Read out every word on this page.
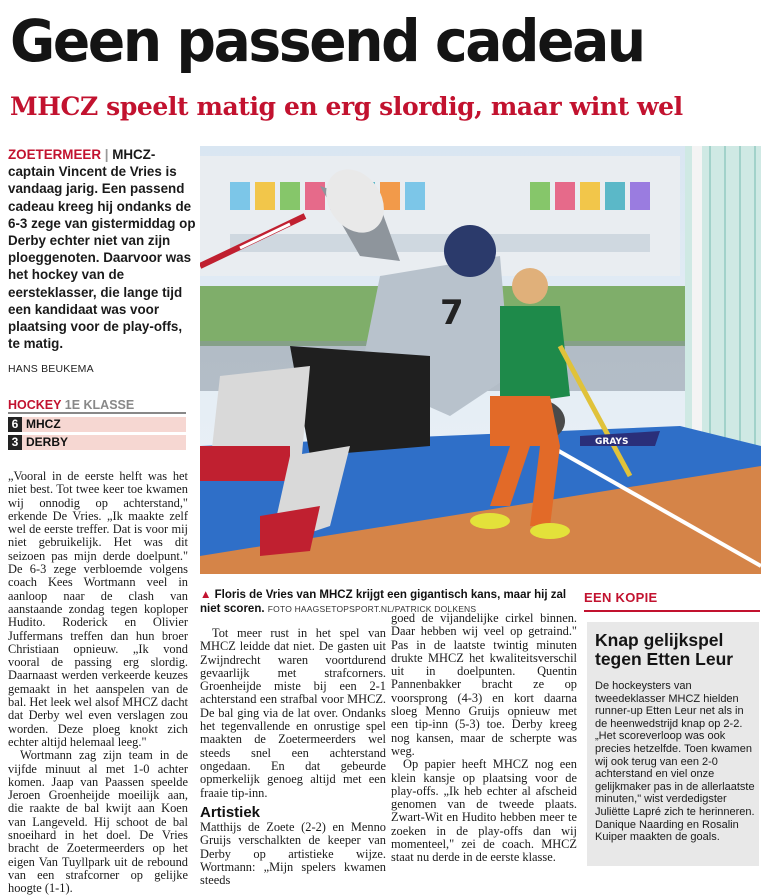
Geen passend cadeau
MHCZ speelt matig en erg slordig, maar wint wel
ZOETERMEER | MHCZ-captain Vincent de Vries is vandaag jarig. Een passend cadeau kreeg hij ondanks de 6-3 zege van gistermiddag op Derby echter niet van zijn ploeggenoten. Daarvoor was het hockey van de eersteklasser, die lange tijd een kandidaat was voor plaatsing voor de play-offs, te matig.
HANS BEUKEMA
HOCKEY 1E KLASSE
6 MHCZ
3 DERBY

„Vooral in de eerste helft was het niet best. Tot twee keer toe kwamen wij onnodig op achterstand," erkende De Vries. „Ik maakte zelf wel de eerste treffer. Dat is voor mij niet gebruikelijk. Het was dit seizoen pas mijn derde doelpunt." De 6-3 zege verbloemde volgens coach Kees Wortmann veel in aanloop naar de clash van aanstaande zondag tegen koploper Hudito. Roderick en Olivier Juffermans treffen dan hun broer Christiaan opnieuw. „Ik vond vooral de passing erg slordig. Daarnaast werden verkeerde keuzes gemaakt in het aanspelen van de bal. Het leek wel alsof MHCZ dacht dat Derby wel even verslagen zou worden. Deze ploeg knokt zich echter altijd helemaal leeg."

Wortmann zag zijn team in de vijfde minuut al met 1-0 achter komen. Jaap van Paassen speelde Jeroen Groenheijde moeilijk aan, die raakte de bal kwijt aan Koen van Langeveld. Hij schoot de bal snoeihard in het doel. De Vries bracht de Zoetermeerders op het eigen Van Tuyllpark uit de rebound van een strafcorner op gelijke hoogte (1-1).

7
GRAYS
▲ Floris de Vries van MHCZ krijgt een gigantisch kans, maar hij zal niet scoren. FOTO HAAGSETOPSPORT.NL/PATRICK DOLKENS

Tot meer rust in het spel van MHCZ leidde dat niet. De gasten uit Zwijndrecht waren voortdurend gevaarlijk met strafcorners. Groenheijde miste bij een 2-1 achterstand een strafbal voor MHCZ. De bal ging via de lat over. Ondanks het tegenvallende en onrustige spel maakten de Zoetermeerders wel steeds snel een achterstand ongedaan. En dat gebeurde opmerkelijk genoeg altijd met een fraaie tip-inn.

Artistiek

Matthijs de Zoete (2-2) en Menno Gruijs verschalkten de keeper van Derby op artistieke wijze. Wortmann: „Mijn spelers kwamen steeds

goed de vijandelijke cirkel binnen. Daar hebben wij veel op getraind." Pas in de laatste twintig minuten drukte MHCZ het kwaliteitsverschil uit in doelpunten. Quentin Pannenbakker bracht ze op voorsprong (4-3) en kort daarna sloeg Menno Gruijs opnieuw met een tip-inn (5-3) toe. Derby kreeg nog kansen, maar de scherpte was weg.

Op papier heeft MHCZ nog een klein kansje op plaatsing voor de play-offs. „Ik heb echter al afscheid genomen van de tweede plaats. Zwart-Wit en Hudito hebben meer te zoeken in de play-offs dan wij momenteel," zei de coach. MHCZ staat nu derde in de eerste klasse.

EEN KOPIE
Knap gelijkspel tegen Etten Leur
De hockeysters van tweedeklasser MHCZ hielden runner-up Etten Leur net als in de heenwedstrijd knap op 2-2. „Het scoreverloop was ook precies hetzelfde. Toen kwamen wij ook terug van een 2-0 achterstand en viel onze gelijkmaker pas in de allerlaatste minuten," wist verdedigster Juliëtte Lapré zich te herinneren. Danique Naarding en Rosalin Kuiper maakten de goals.
